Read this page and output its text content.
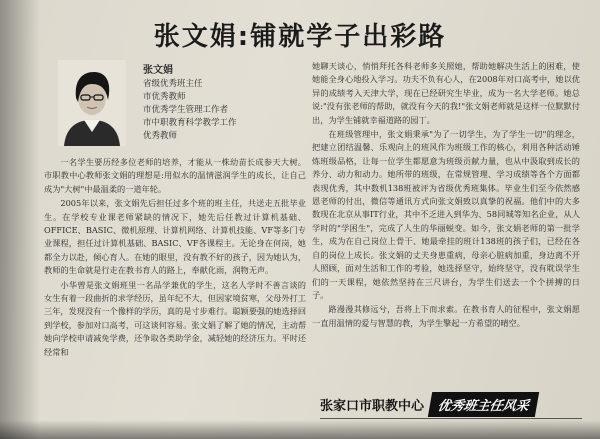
张文娟:铺就学子出彩路
张文娟
省级优秀班主任
市优秀教师
市优秀学生管理工作者
市中职教育科学教学工作
优秀教师

一名学生要历经多位老师的培养，才能从一株幼苗长成参天大树。市职教中心教师张文娟的理想是:用似水的温情滋润学生的成长，让自己成为"大树"中最温柔的一道年轮。

2005年以来，张文娟先后担任过多个班的班主任，共送走五批毕业生。在学校专业课老师紧缺的情况下，她先后任教过计算机基础、OFFICE、BASIC、微机原理、计算机网络、计算机技能、VF等多门专业课程，担任过计算机基础、BASIC、VF各课程主。无论身在何岗，她都全力以赴，倾心育人。在她的眼里，没有教不好的孩子，因为她认为，教师的生命就是行走在教书育人的路上，奉献化雨，润物无声。

小华曾是张文娟班里一名品学兼优的学生，这名人学时不善言谈的女生有着一段曲折的求学经历，虽年纪不大，但因家境贫寒，父母外打工三年，发现没有一个像样的学历，真的是寸步难行。聪颖要强的她选择回到学校，参加对口高考，可这谈何容易。张文娟了解了她的情况，主动帮她向学校申请减免学费，还争取各类助学金，减轻她的经济压力。平时还经常和

她聊天谈心，悄悄拜托各科老师多关照她，帮助她解决生活上的困难，使她能全身心地投入学习。功夫不负有心人，在2008年对口高考中，她以优异的成绩考入天津大学，现在已经研究生毕业，成为一名大学老师。她总说:"没有张老师的帮助，就没有今天的我!"张文娟老师就是这样一位默默付出，为学生铺就幸福道路的园丁。

在班级管理中，张文娟秉承"为了一切学生，为了学生一切"的理念，把建立团结温馨、乐观向上的班风作为班级工作的核心，利用各种活动锤炼班级品格，让每一位学生都愿意为班级贡献力量，也从中汲取到成长的养分、动力和动力。她所带的班级，在常规管理、学习成绩等各个方面都表现优秀，其中数机138班被评为省级优秀班集体。毕业生们至今依然感恩老师的付出，微信等通讯方式向张文娟致以真挚的祝福。他们中的大多数现在北京从事IT行业，其中不乏进入到华为、58同城等知名企业，从人学时的"学困生"，完成了人生的华丽蜕变。如今，张文娟老师的第一批学生，成为在自己岗位上骨干、她最牵挂的班计138班的孩子们，已经在各自的岗位上成长。张文娟的丈夫身患重病，母亲心脏病加重，身边离不开人照顾，面对生活和工作的考验，她选择坚守，始终坚守，没有耽误学生们的一天课程，她依然坚持在三尺讲台，为学生们送去一个个拼搏的日子。

路漫漫其修远兮，吾将上下而求索。在教书育人的征程中，张文娟愿一直用温情的爱与智慧的教，为学生擎起一方希望的晴空。

张家口市职教中心 优秀班主任风采
